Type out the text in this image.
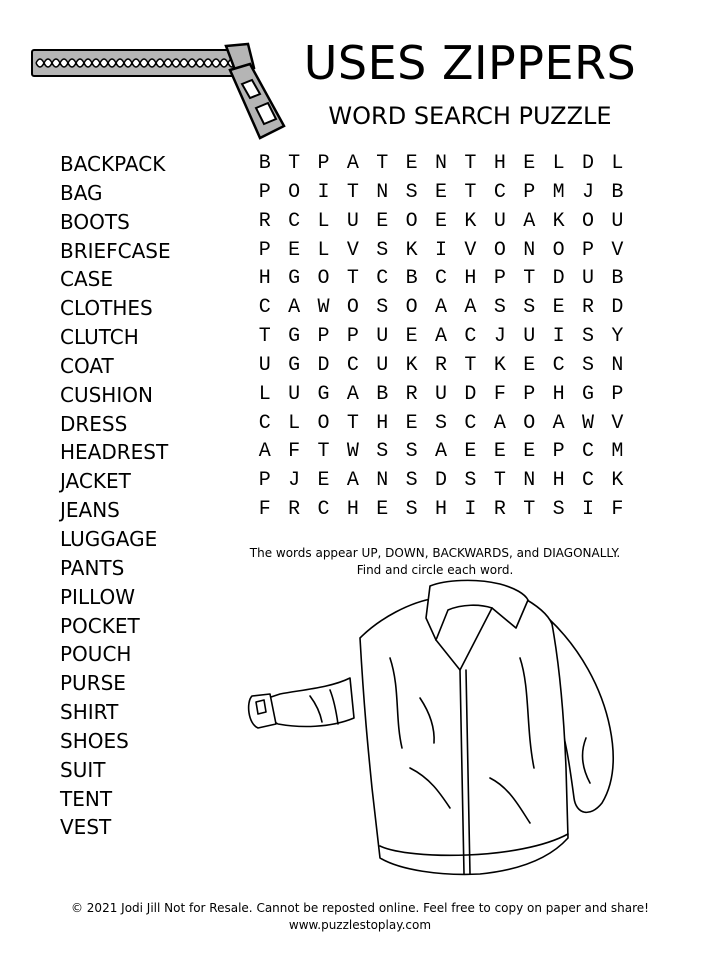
USES ZIPPERS
WORD SEARCH PUZZLE
BACKPACK
BAG
BOOTS
BRIEFCASE
CASE
CLOTHES
CLUTCH
COAT
CUSHION
DRESS
HEADREST
JACKET
JEANS
LUGGAGE
PANTS
PILLOW
POCKET
POUCH
PURSE
SHIRT
SHOES
SUIT
TENT
VEST
B T P A T E N T H E L D L
P O I T N S E T C P M J B
R C L U E O E K U A K O U
P E L V S K I V O N O P V
H G O T C B C H P T D U B
C A W O S O A A S S E R D
T G P P U E A C J U I S Y
U G D C U K R T K E C S N
L U G A B R U D F P H G P
C L O T H E S C A O A W V
A F T W S S A E E E P C M
P J E A N S D S T N H C K
F R C H E S H I R T S I F
The words appear UP, DOWN, BACKWARDS, and DIAGONALLY.
Find and circle each word.
© 2021 Jodi Jill Not for Resale. Cannot be reposted online. Feel free to copy on paper and share!
www.puzzlestoplay.com
